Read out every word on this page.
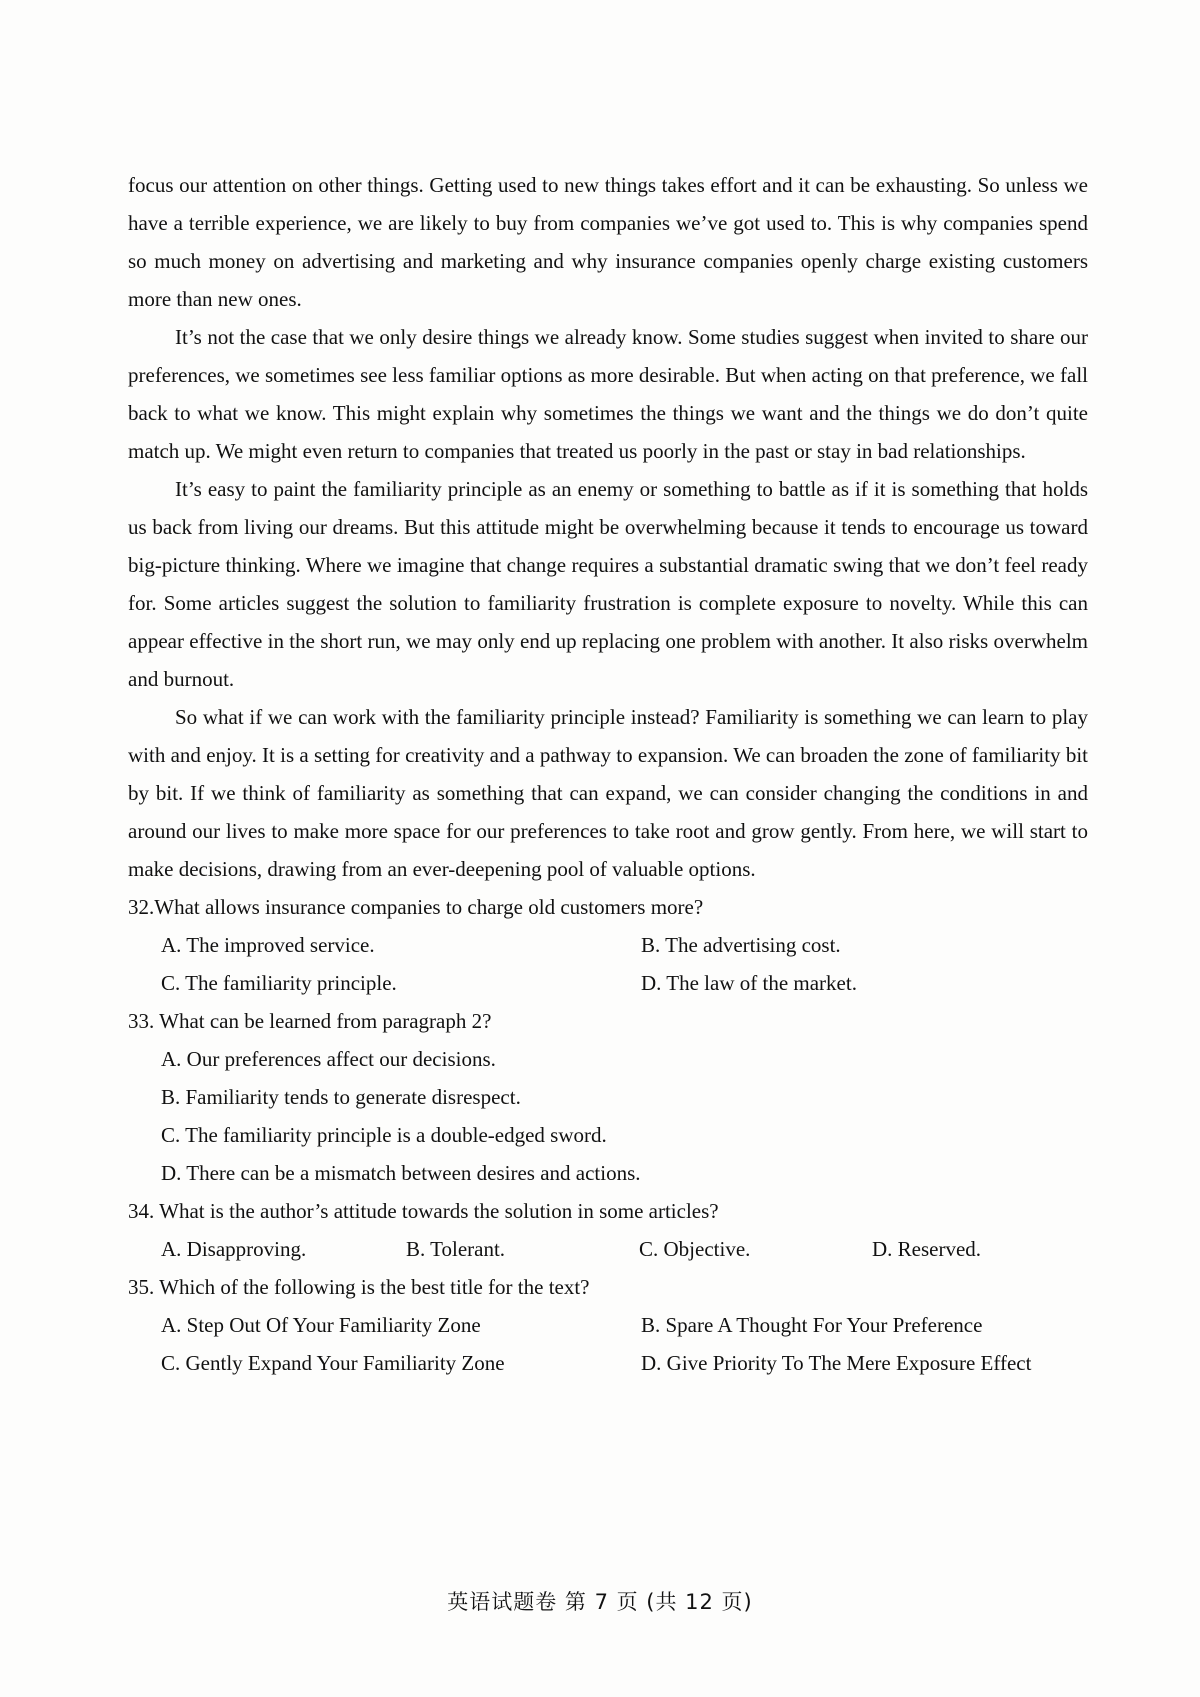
focus our attention on other things. Getting used to new things takes effort and it can be exhausting. So unless we have a terrible experience, we are likely to buy from companies we’ve got used to. This is why companies spend so much money on advertising and marketing and why insurance companies openly charge existing customers more than new ones.

It’s not the case that we only desire things we already know. Some studies suggest when invited to share our preferences, we sometimes see less familiar options as more desirable. But when acting on that preference, we fall back to what we know. This might explain why sometimes the things we want and the things we do don’t quite match up. We might even return to companies that treated us poorly in the past or stay in bad relationships.

It’s easy to paint the familiarity principle as an enemy or something to battle as if it is something that holds us back from living our dreams. But this attitude might be overwhelming because it tends to encourage us toward big-picture thinking. Where we imagine that change requires a substantial dramatic swing that we don’t feel ready for. Some articles suggest the solution to familiarity frustration is complete exposure to novelty. While this can appear effective in the short run, we may only end up replacing one problem with another. It also risks overwhelm and burnout.

So what if we can work with the familiarity principle instead? Familiarity is something we can learn to play with and enjoy. It is a setting for creativity and a pathway to expansion. We can broaden the zone of familiarity bit by bit. If we think of familiarity as something that can expand, we can consider changing the conditions in and around our lives to make more space for our preferences to take root and grow gently. From here, we will start to make decisions, drawing from an ever-deepening pool of valuable options.

32.What allows insurance companies to charge old customers more?

A. The improved service.	B. The advertising cost.

C. The familiarity principle.	D. The law of the market.

33. What can be learned from paragraph 2?

A. Our preferences affect our decisions.

B. Familiarity tends to generate disrespect.

C. The familiarity principle is a double-edged sword.

D. There can be a mismatch between desires and actions.

34. What is the author’s attitude towards the solution in some articles?

A. Disapproving.	B. Tolerant.	C. Objective.	D. Reserved.

35. Which of the following is the best title for the text?

A. Step Out Of Your Familiarity Zone	B. Spare A Thought For Your Preference

C. Gently Expand Your Familiarity Zone	D. Give Priority To The Mere Exposure Effect

英语试题卷 第 7 页 (共 12 页)
